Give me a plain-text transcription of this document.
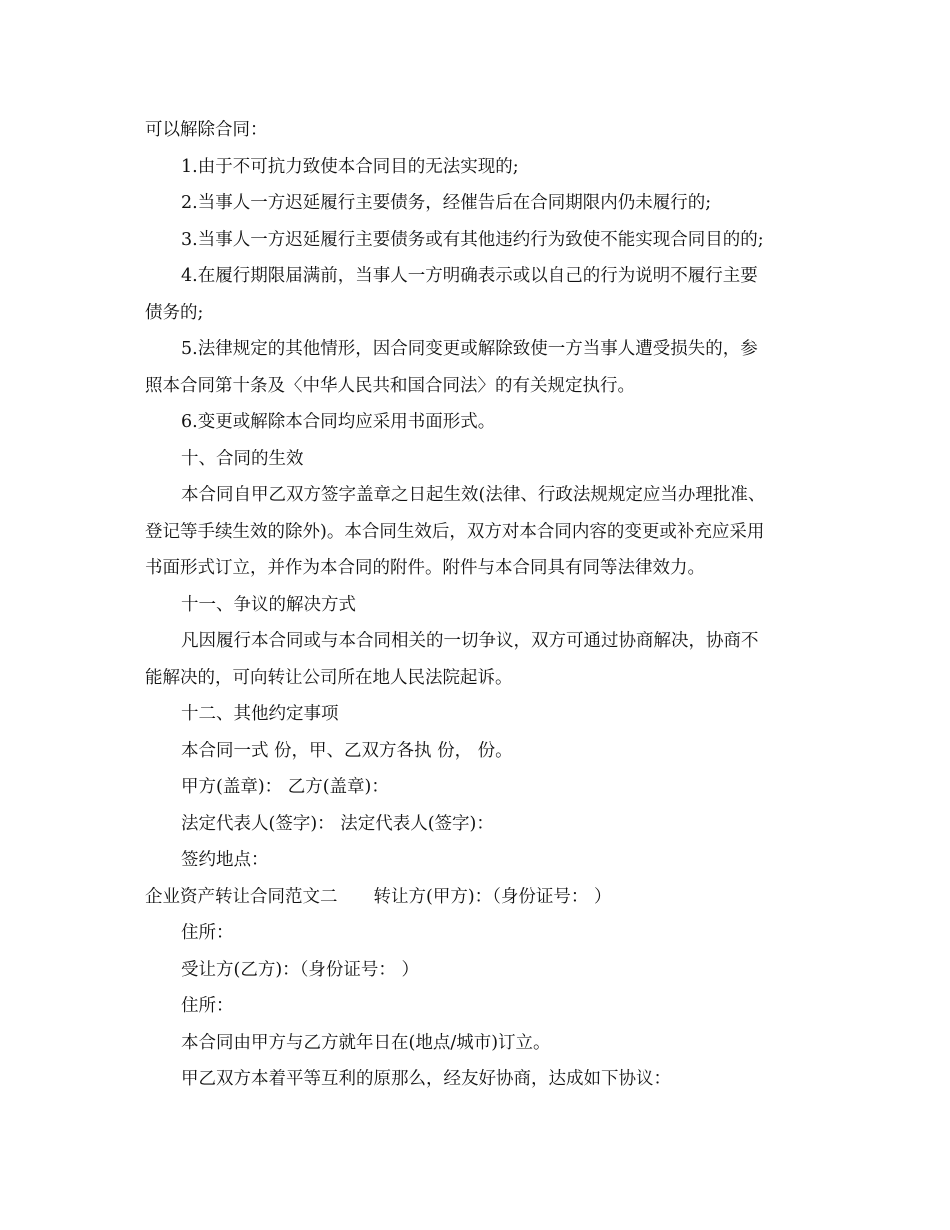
可以解除合同：
1.由于不可抗力致使本合同目的无法实现的;
2.当事人一方迟延履行主要债务，经催告后在合同期限内仍未履行的;
3.当事人一方迟延履行主要债务或有其他违约行为致使不能实现合同目的的;
4.在履行期限届满前，当事人一方明确表示或以自己的行为说明不履行主要
债务的;
5.法律规定的其他情形，因合同变更或解除致使一方当事人遭受损失的，参
照本合同第十条及〈中华人民共和国合同法〉的有关规定执行。
6.变更或解除本合同均应采用书面形式。
十、合同的生效
本合同自甲乙双方签字盖章之日起生效(法律、行政法规规定应当办理批准、
登记等手续生效的除外)。本合同生效后，双方对本合同内容的变更或补充应采用
书面形式订立，并作为本合同的附件。附件与本合同具有同等法律效力。
十一、争议的解决方式
凡因履行本合同或与本合同相关的一切争议，双方可通过协商解决，协商不
能解决的，可向转让公司所在地人民法院起诉。
十二、其他约定事项
本合同一式 份，甲、乙双方各执 份， 份。
甲方(盖章)： 乙方(盖章)：
法定代表人(签字)： 法定代表人(签字)：
签约地点：
企业资产转让合同范文二 转让方(甲方)：（身份证号： ）
住所：
受让方(乙方)：（身份证号： ）
住所：
本合同由甲方与乙方就年日在(地点/城市)订立。
甲乙双方本着平等互利的原那么，经友好协商，达成如下协议：
